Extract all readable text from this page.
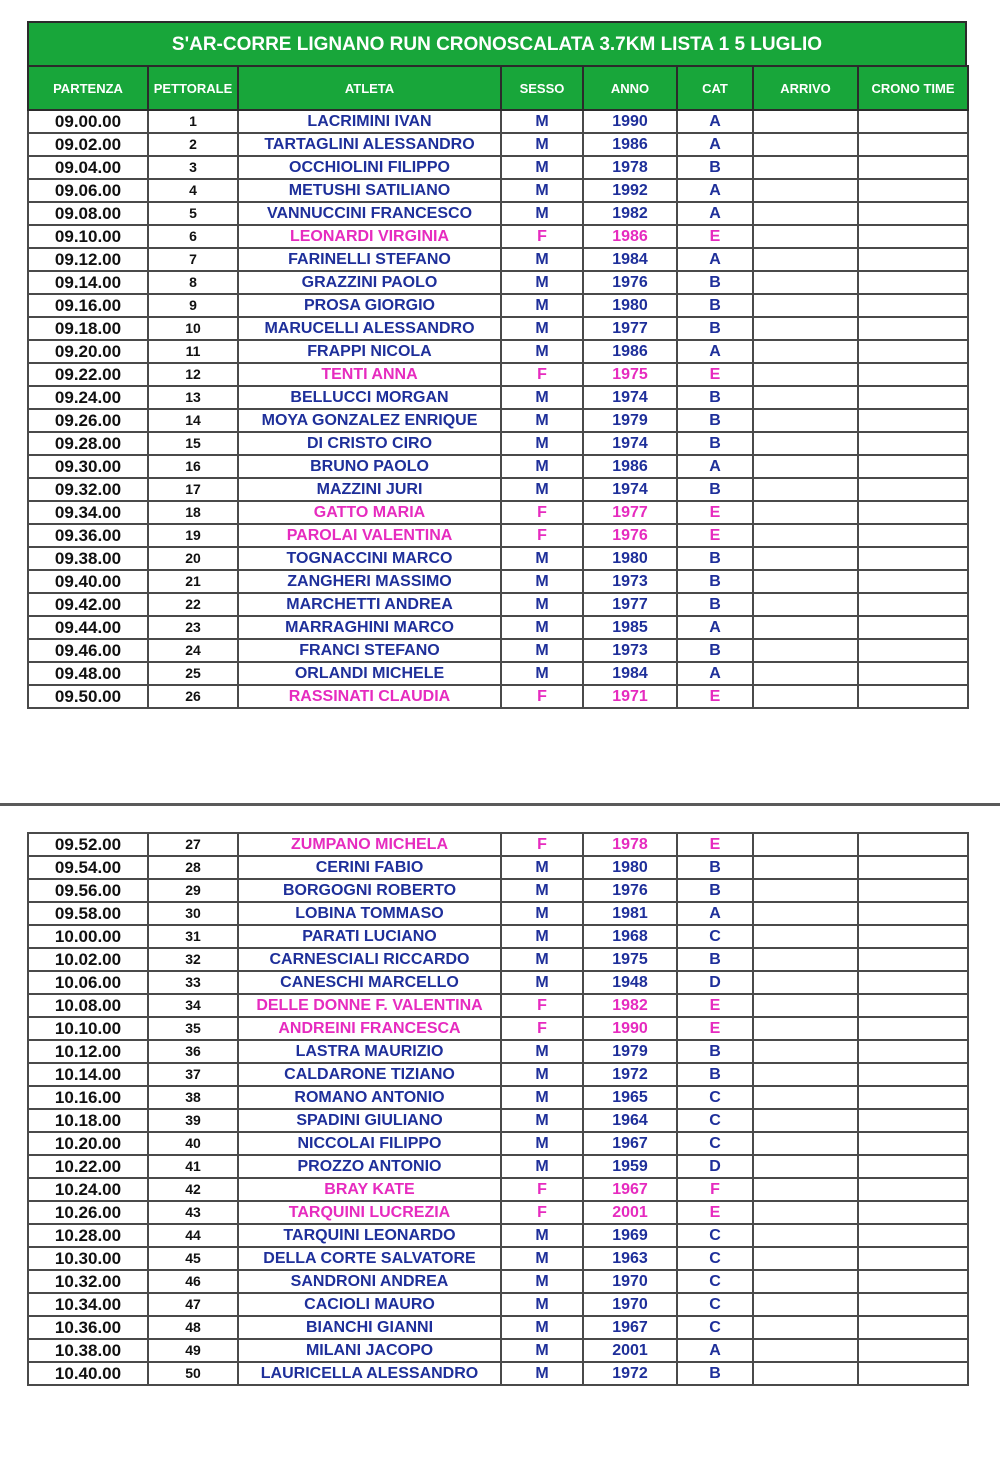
S'AR-CORRE LIGNANO RUN CRONOSCALATA 3.7KM LISTA 1 5 LUGLIO
PARTENZA	PETTORALE	ATLETA	SESSO	ANNO	CAT	ARRIVO	CRONO TIME
09.00.00	1	LACRIMINI IVAN	M	1990	A		
09.02.00	2	TARTAGLINI ALESSANDRO	M	1986	A		
09.04.00	3	OCCHIOLINI FILIPPO	M	1978	B		
09.06.00	4	METUSHI SATILIANO	M	1992	A		
09.08.00	5	VANNUCCINI FRANCESCO	M	1982	A		
09.10.00	6	LEONARDI VIRGINIA	F	1986	E		
09.12.00	7	FARINELLI STEFANO	M	1984	A		
09.14.00	8	GRAZZINI PAOLO	M	1976	B		
09.16.00	9	PROSA GIORGIO	M	1980	B		
09.18.00	10	MARUCELLI ALESSANDRO	M	1977	B		
09.20.00	11	FRAPPI NICOLA	M	1986	A		
09.22.00	12	TENTI ANNA	F	1975	E		
09.24.00	13	BELLUCCI MORGAN	M	1974	B		
09.26.00	14	MOYA GONZALEZ ENRIQUE	M	1979	B		
09.28.00	15	DI CRISTO CIRO	M	1974	B		
09.30.00	16	BRUNO PAOLO	M	1986	A		
09.32.00	17	MAZZINI JURI	M	1974	B		
09.34.00	18	GATTO MARIA	F	1977	E		
09.36.00	19	PAROLAI VALENTINA	F	1976	E		
09.38.00	20	TOGNACCINI MARCO	M	1980	B		
09.40.00	21	ZANGHERI MASSIMO	M	1973	B		
09.42.00	22	MARCHETTI ANDREA	M	1977	B		
09.44.00	23	MARRAGHINI MARCO	M	1985	A		
09.46.00	24	FRANCI STEFANO	M	1973	B		
09.48.00	25	ORLANDI MICHELE	M	1984	A		
09.50.00	26	RASSINATI CLAUDIA	F	1971	E		
09.52.00	27	ZUMPANO MICHELA	F	1978	E		
09.54.00	28	CERINI FABIO	M	1980	B		
09.56.00	29	BORGOGNI ROBERTO	M	1976	B		
09.58.00	30	LOBINA TOMMASO	M	1981	A		
10.00.00	31	PARATI LUCIANO	M	1968	C		
10.02.00	32	CARNESCIALI RICCARDO	M	1975	B		
10.06.00	33	CANESCHI MARCELLO	M	1948	D		
10.08.00	34	DELLE DONNE F. VALENTINA	F	1982	E		
10.10.00	35	ANDREINI FRANCESCA	F	1990	E		
10.12.00	36	LASTRA MAURIZIO	M	1979	B		
10.14.00	37	CALDARONE TIZIANO	M	1972	B		
10.16.00	38	ROMANO ANTONIO	M	1965	C		
10.18.00	39	SPADINI GIULIANO	M	1964	C		
10.20.00	40	NICCOLAI FILIPPO	M	1967	C		
10.22.00	41	PROZZO ANTONIO	M	1959	D		
10.24.00	42	BRAY KATE	F	1967	F		
10.26.00	43	TARQUINI LUCREZIA	F	2001	E		
10.28.00	44	TARQUINI LEONARDO	M	1969	C		
10.30.00	45	DELLA CORTE SALVATORE	M	1963	C		
10.32.00	46	SANDRONI ANDREA	M	1970	C		
10.34.00	47	CACIOLI MAURO	M	1970	C		
10.36.00	48	BIANCHI GIANNI	M	1967	C		
10.38.00	49	MILANI JACOPO	M	2001	A		
10.40.00	50	LAURICELLA ALESSANDRO	M	1972	B		
